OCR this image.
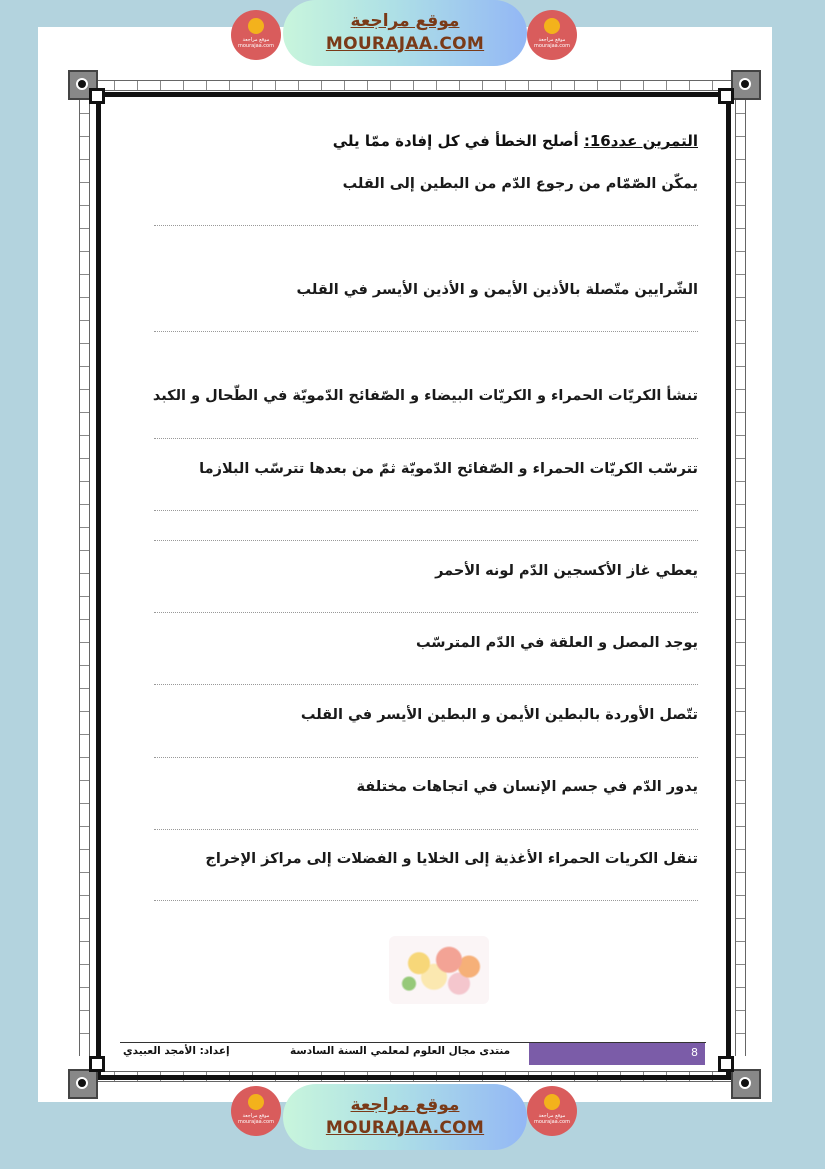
موقع مراجعة mourajaa.com
موقع مراجعة
MOURAJAA.COM	موقع مراجعة mourajaa.com
التمرين عدد16: أصلح الخطأ في كل إفادة ممّا يلي
يمكّن الصّمّام من رجوع الدّم من البطين إلى القلب
الشّرايين متّصلة بالأذين الأيمن و الأذين الأيسر في القلب
تنشأ الكريّات الحمراء و الكريّات البيضاء و الصّفائح الدّمويّة في الطّحال و الكبد
تترسّب الكريّات الحمراء و الصّفائح الدّمويّة ثمّ من بعدها تترسّب البلازما
يعطي غاز الأكسجين الدّم لونه الأحمر
يوجد المصل و العلقة في الدّم المترسّب
تتّصل الأوردة بالبطين الأيمن و البطين الأيسر في القلب
يدور الدّم في جسم الإنسان في اتجاهات مختلفة
تنقل الكريات الحمراء الأغذية إلى الخلايا و الفضلات إلى مراكز الإخراج
8
منتدى مجال العلوم لمعلمي السنة السادسة
إعداد: الأمجد العبيدي
موقع مراجعة mourajaa.com
موقع مراجعة
MOURAJAA.COM
موقع مراجعة mourajaa.com
